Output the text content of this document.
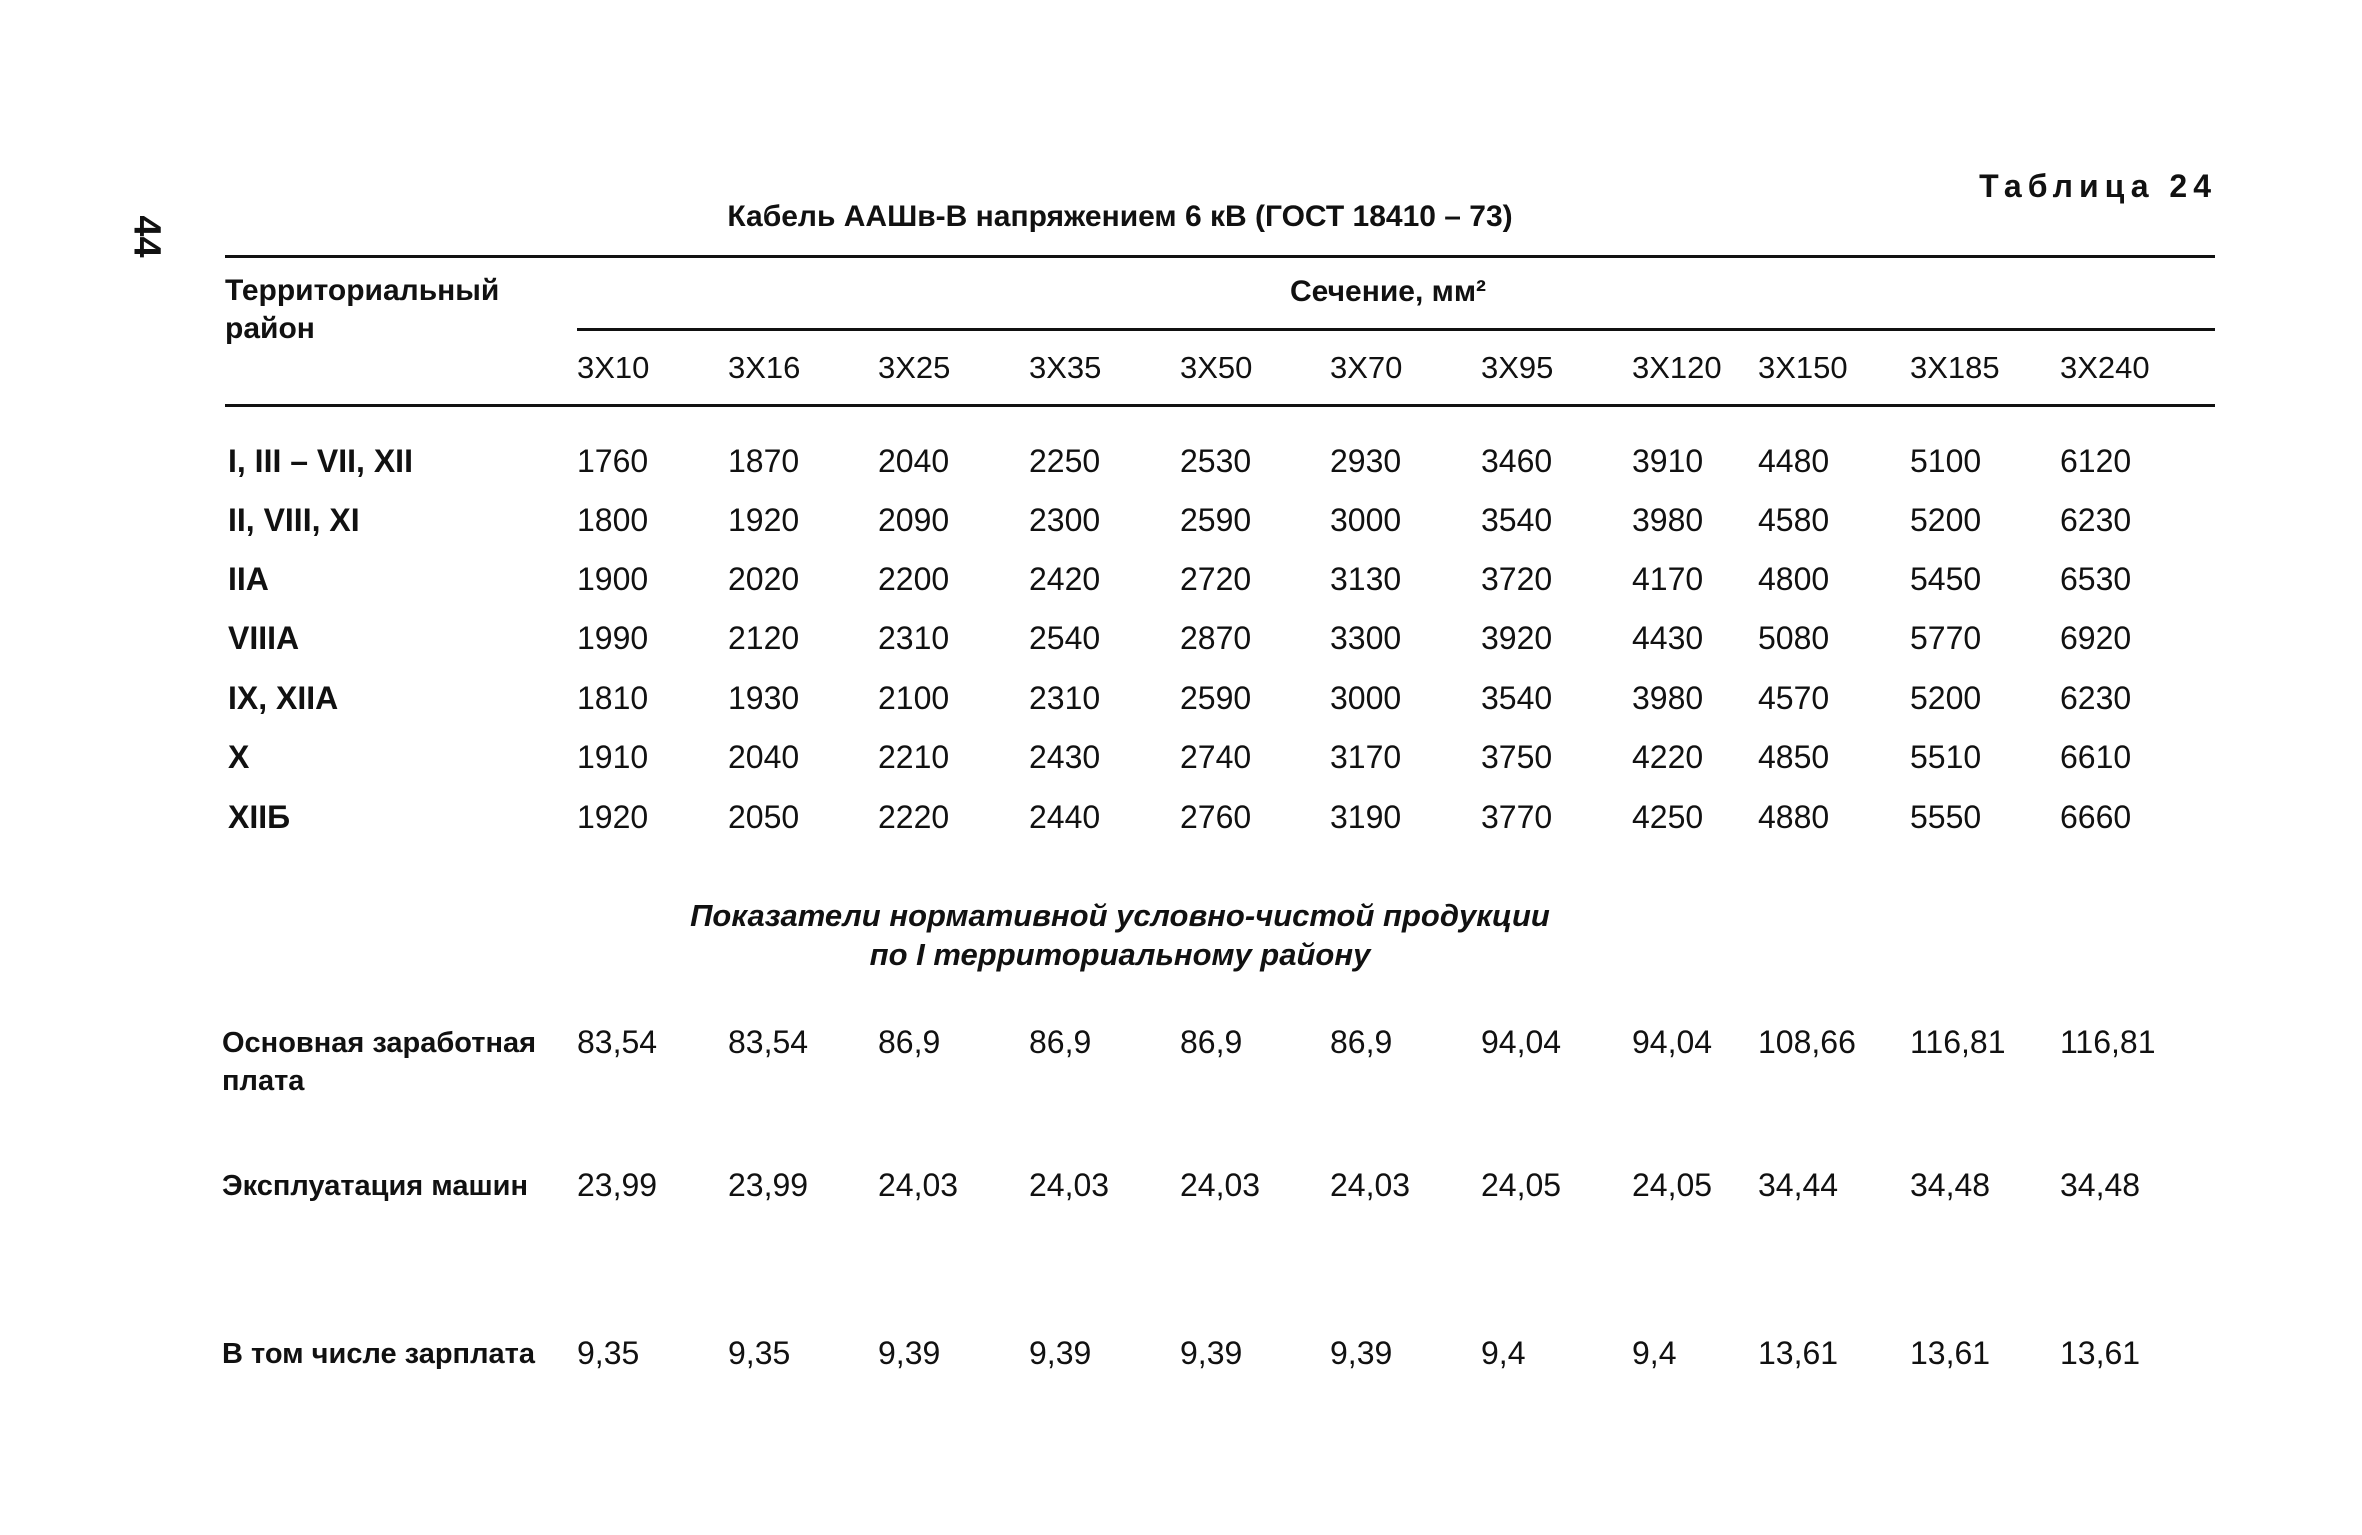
44
Таблица 24
Кабель ААШв-В напряжением 6 кВ (ГОСТ 18410 – 73)
Территориальный район
Сечение, мм²
3X10	3X16	3X25	3X35	3X50	3X70	3X95	3X120 3X150 3X185 3X240
I, III – VII, XII	1760 1870 2040 2250 2530 2930 3460 3910 4480	5100 6120
II, VIII, XI	1800 1920 2090 2300 2590 3000 3540 3980 4580	5200 6230
IIA	1900 2020 2200 2420 2720 3130 3720 4170 4800	5450 6530
VIIIA	1990 2120 2310 2540 2870 3300 3920 4430 5080	5770 6920
IX, XIIA	1810 1930 2100 2310 2590 3000 3540 3980 4570	5200 6230
X	1910 2040 2210 2430 2740 3170 3750 4220 4850	5510 6610
XIIБ	1920 2050 2220 2440 2760 3190 3770 4250 4880	5550 6660
Показатели нормативной условно-чистой продукции
по I территориальному району
Основная заработная
плата
83,54 83,54 86,9	86,9	86,9	86,9	94,04 94,04 108,66 116,81 116,81
Эксплуатация машин	23,99 23,99 24,03 24,03 24,03 24,03 24,05 24,05 34,44 34,48 34,48
В том числе зарплата	9,35	9,35	9,39	9,39	9,39	9,39	9,4	9,4	13,61 13,61 13,61
